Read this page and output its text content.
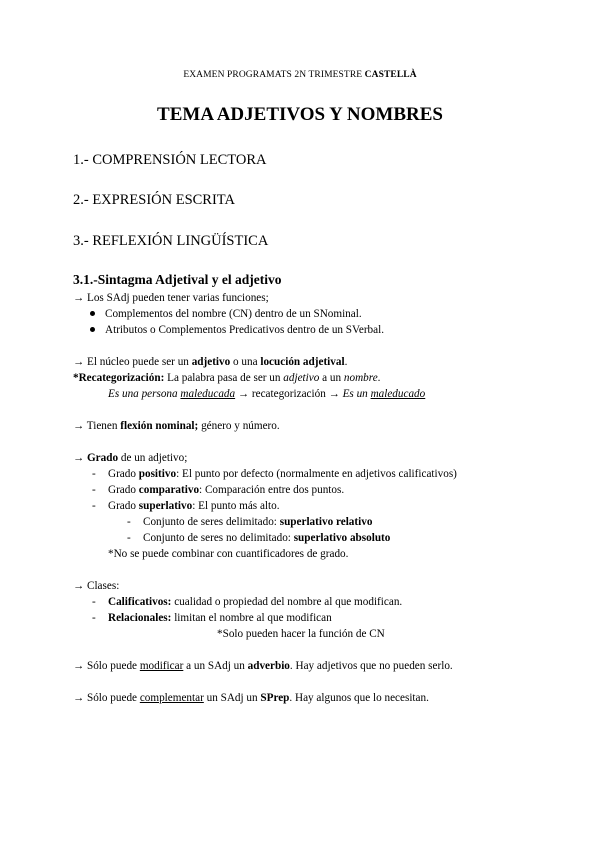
EXAMEN PROGRAMATS 2N TRIMESTRE CASTELLÀ
TEMA ADJETIVOS Y NOMBRES
1.- COMPRENSIÓN LECTORA
2.- EXPRESIÓN ESCRITA
3.- REFLEXIÓN LINGÜÍSTICA
3.1.-Sintagma Adjetival y el adjetivo
→ Los SAdj pueden tener varias funciones;
Complementos del nombre (CN) dentro de un SNominal.
Atributos o Complementos Predicativos dentro de un SVerbal.
→ El núcleo puede ser un adjetivo o una locución adjetival.
*Recategorización: La palabra pasa de ser un adjetivo a un nombre.
Es una persona maleducada → recategorización → Es un maleducado
→ Tienen flexión nominal; género y número.
→ Grado de un adjetivo;
- Grado positivo: El punto por defecto (normalmente en adjetivos calificativos)
- Grado comparativo: Comparación entre dos puntos.
- Grado superlativo: El punto más alto.
- Conjunto de seres delimitado: superlativo relativo
- Conjunto de seres no delimitado: superlativo absoluto
*No se puede combinar con cuantificadores de grado.
→ Clases:
- Calificativos: cualidad o propiedad del nombre al que modifican.
- Relacionales: limitan el nombre al que modifican
*Solo pueden hacer la función de CN
→ Sólo puede modificar a un SAdj un adverbio. Hay adjetivos que no pueden serlo.
→ Sólo puede complementar un SAdj un SPrep. Hay algunos que lo necesitan.
